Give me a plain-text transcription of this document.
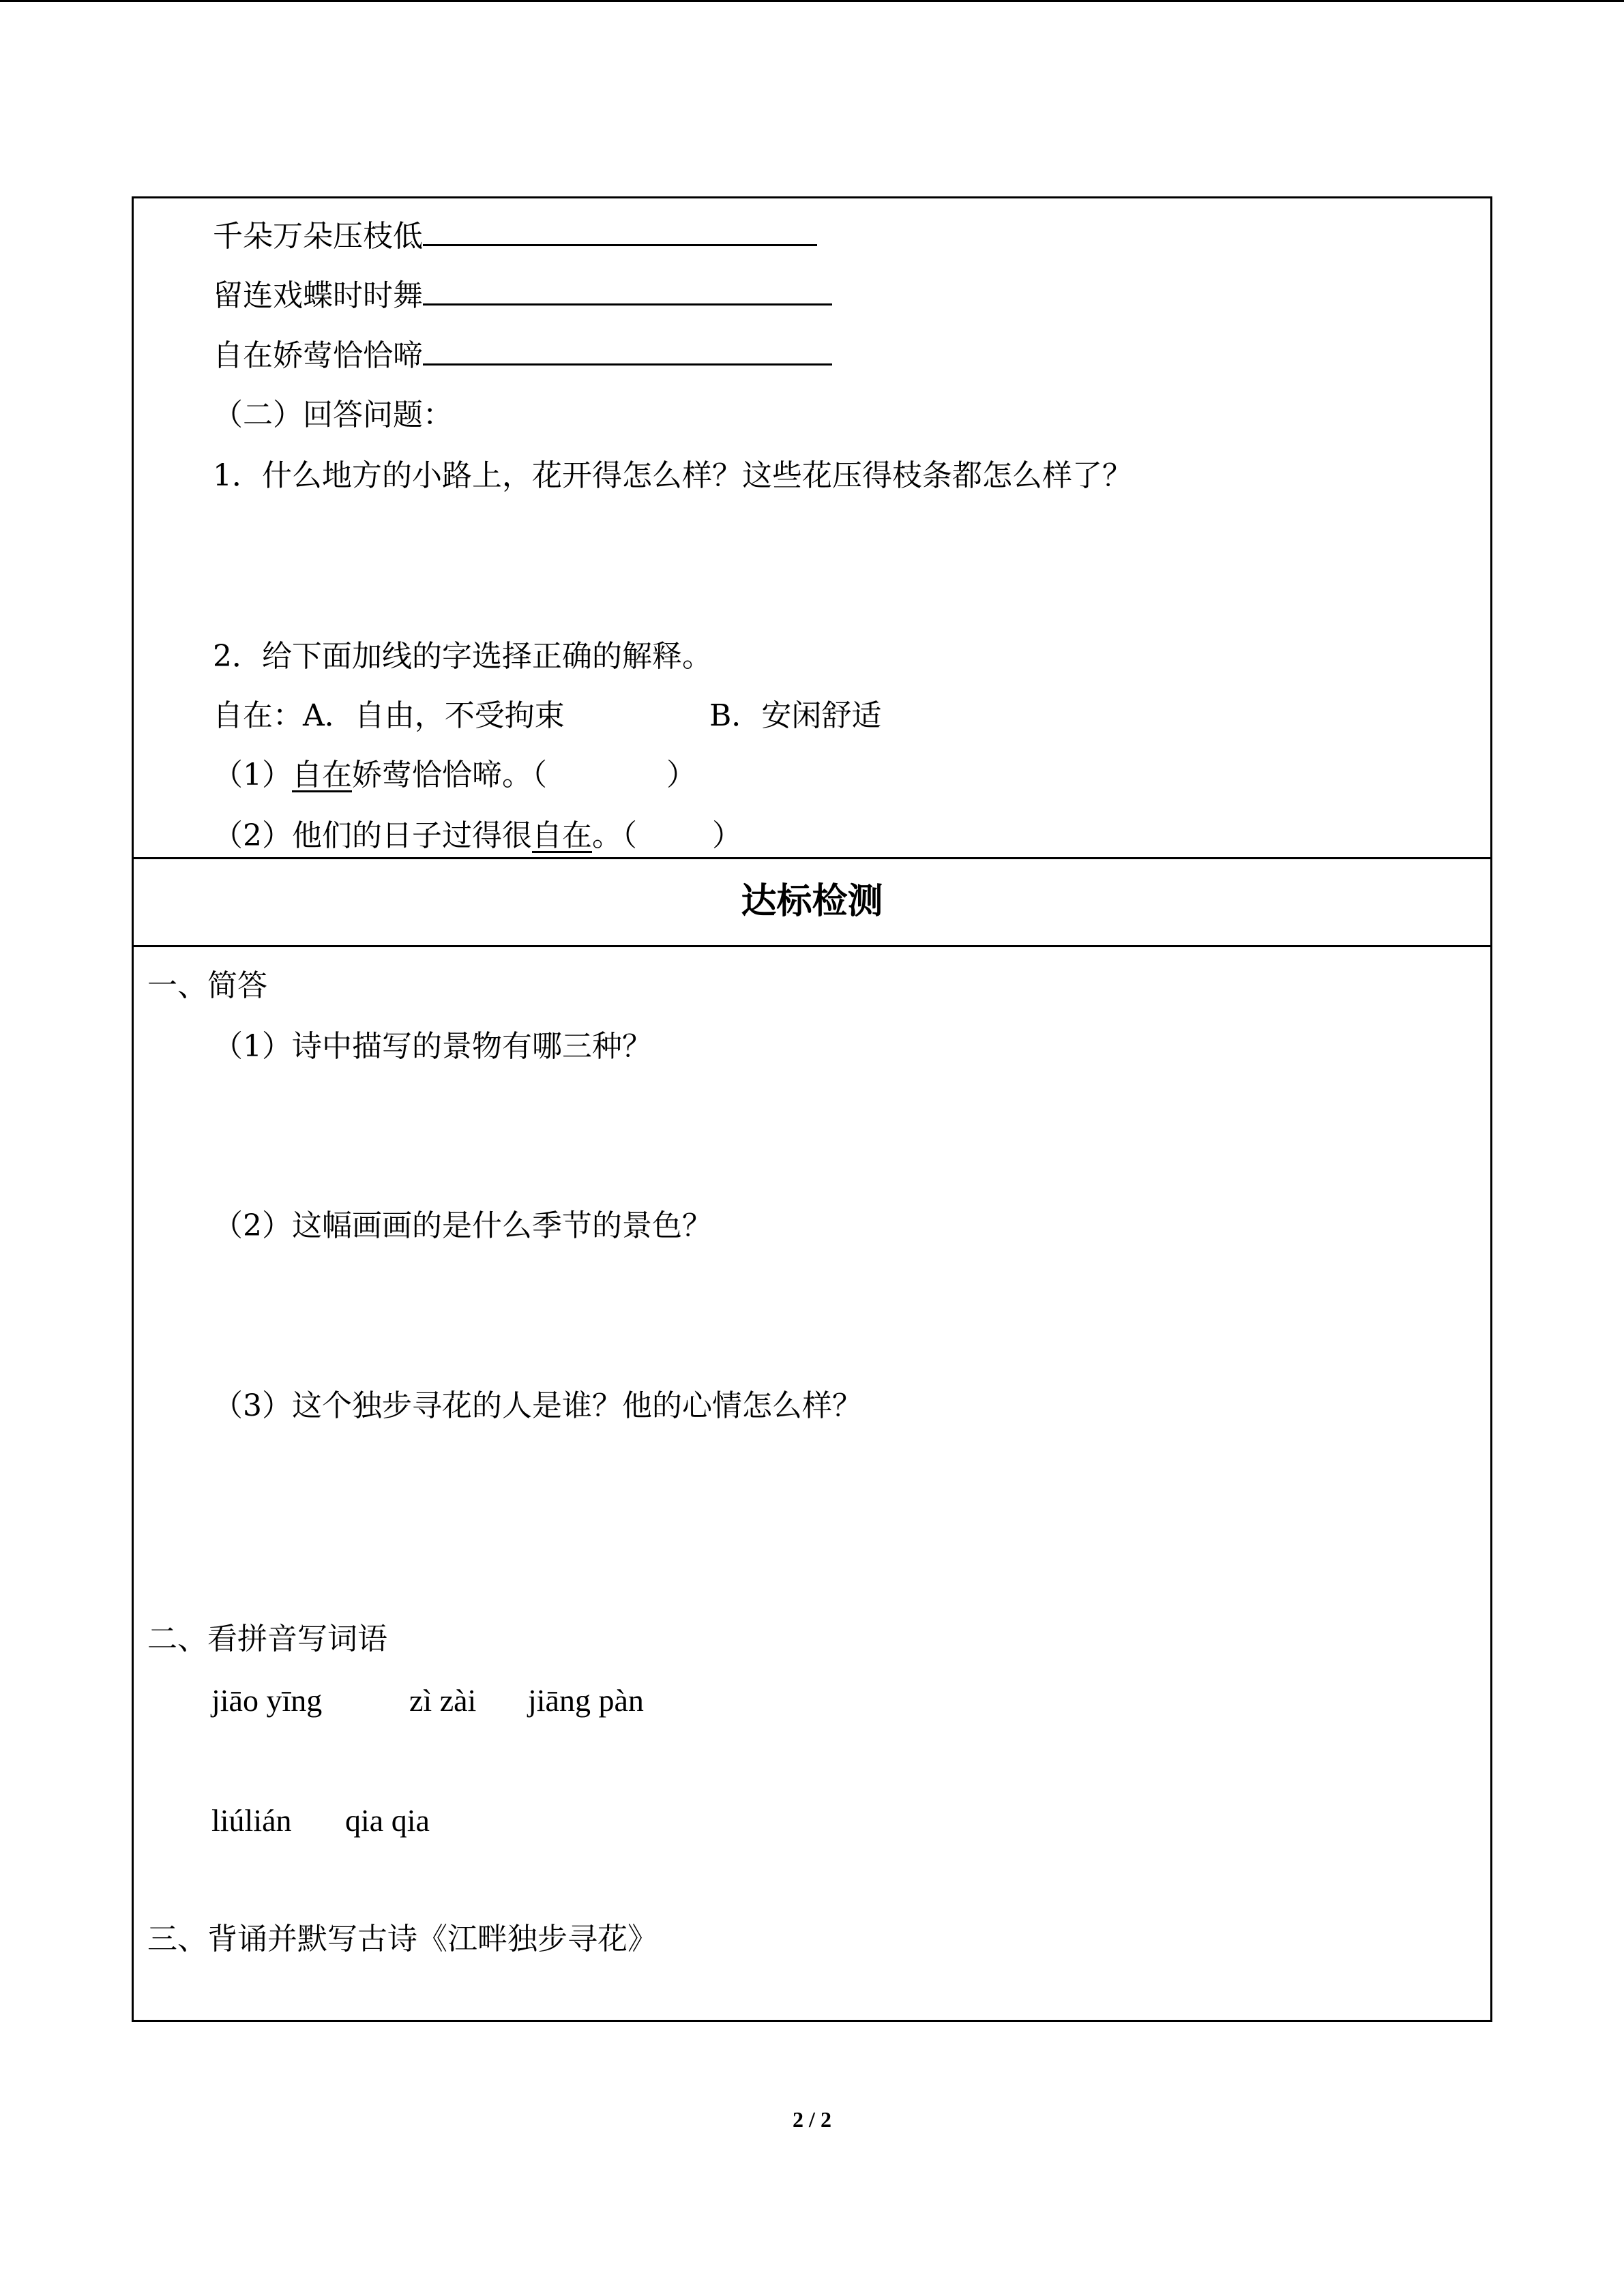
千朵万朵压枝低
留连戏蝶时时舞
自在娇莺恰恰啼
（二）回答问题：
1．什么地方的小路上，花开得怎么样？这些花压得枝条都怎么样了？
2．给下面加线的字选择正确的解释。
自在：A．自由，不受拘束	B．安闲舒适
（1）自在娇莺恰恰啼。（	）
（2）他们的日子过得很自在。（	）
达标检测
一、简答
（1）诗中描写的景物有哪三种？
（2）这幅画画的是什么季节的景色？
（3）这个独步寻花的人是谁？他的心情怎么样？
二、看拼音写词语
jiāo yīng	zì zài jiāng pàn
liúlián qia qia
三、背诵并默写古诗《江畔独步寻花》
2 / 2
